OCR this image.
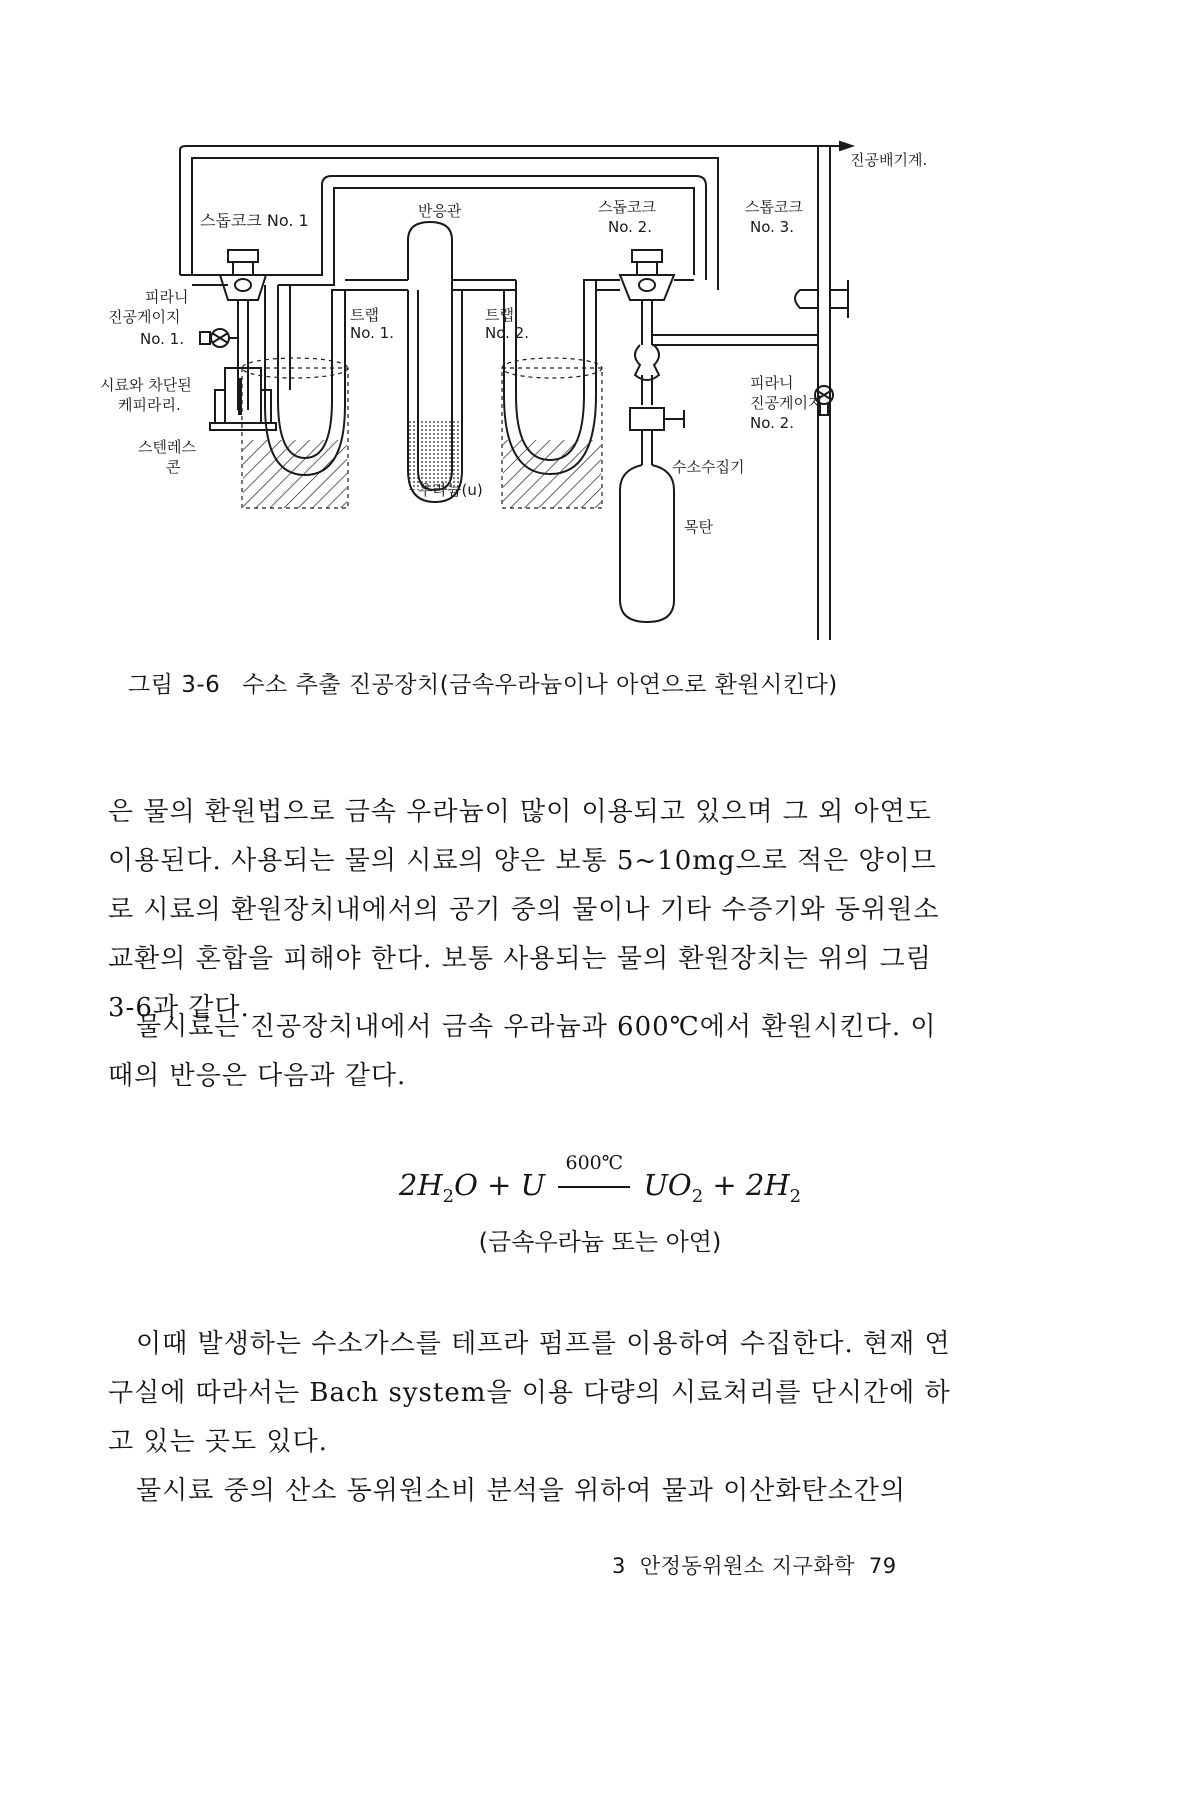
진공배기계.
스돕코크 No. 1	반응관	스돕코크
No. 2.
스톱코크
No. 3.
피라니
진공게이지
No. 1.
트랩
No. 1.
트랩
No. 2.
시료와 차단된
케피라리.
스텐레스
콘
피라니
진공게이지
No. 2.
우라늄(u)
수소수집기
목탄
그림 3-6 수소 추출 진공장치(금속우라늄이나 아연으로 환원시킨다)
은 물의 환원법으로 금속 우라늄이 많이 이용되고 있으며 그 외 아연도 이용된다. 사용되는 물의 시료의 양은 보통 5~10mg으로 적은 양이므로 시료의 환원장치내에서의 공기 중의 물이나 기타 수증기와 동위원소 교환의 혼합을 피해야 한다. 보통 사용되는 물의 환원장치는 위의 그림 3-6과 같다.
물시료는 진공장치내에서 금속 우라늄과 600℃에서 환원시킨다. 이 때의 반응은 다음과 같다.
$2H_2O + U$
600℃
$UO_2 + 2H_2$
(금속우라늄 또는 아연)
이때 발생하는 수소가스를 테프라 펌프를 이용하여 수집한다. 현재 연구실에 따라서는 Bach system을 이용 다량의 시료처리를 단시간에 하고 있는 곳도 있다.
물시료 중의 산소 동위원소비 분석을 위하여 물과 이산화탄소간의
3 안정동위원소 지구화학 79
